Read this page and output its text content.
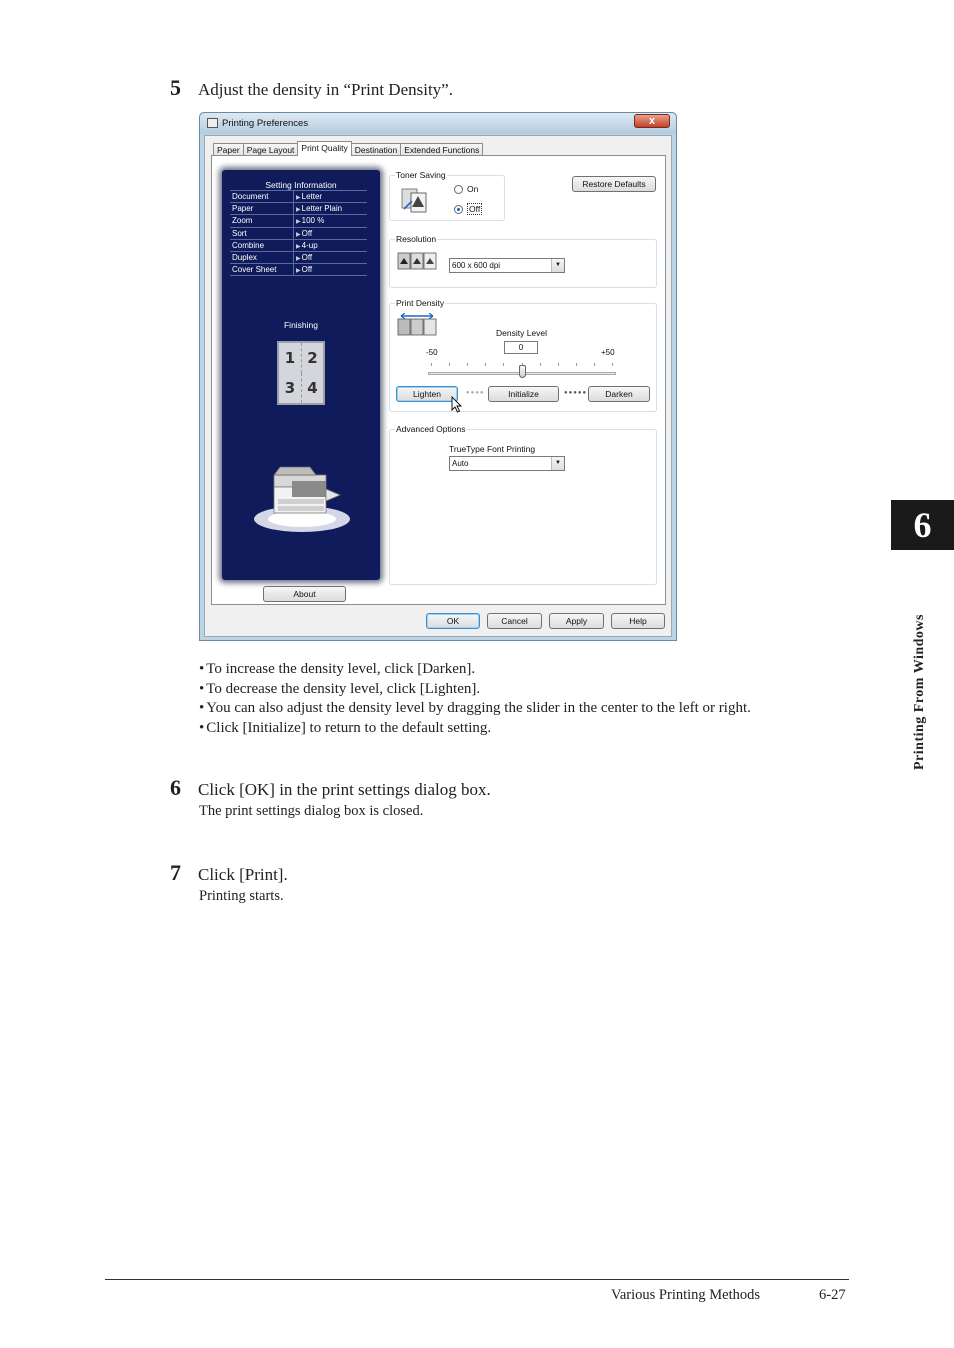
5	Adjust the density in “Print Density”.
Printing Preferences	x
Paper Page Layout Print Quality Destination Extended Functions
Setting Information
Document	▶ Letter
Paper	▶ Letter Plain
Zoom	▶ 100 %
Sort	▶ Off
Combine	▶ 4-up
Duplex	▶ Off
Cover Sheet	▶ Off
Finishing
1 2
3 4
About
Toner Saving
On
Off
Restore Defaults
Resolution
600 x 600 dpi	▼
Print Density
Density Level
0
-50	+50
Lighten	●●●●	Initialize	●●●●●	Darken
Advanced Options
TrueType Font Printing
Auto	▼
OK	Cancel	Apply	Help
• To increase the density level, click [Darken].
• To decrease the density level, click [Lighten].
• You can also adjust the density level by dragging the slider in the center to the left or right.
• Click [Initialize] to return to the default setting.
6	Click [OK] in the print settings dialog box.
The print settings dialog box is closed.
7	Click [Print].
Printing starts.
6
Printing From Windows
Various Printing Methods	6-27
